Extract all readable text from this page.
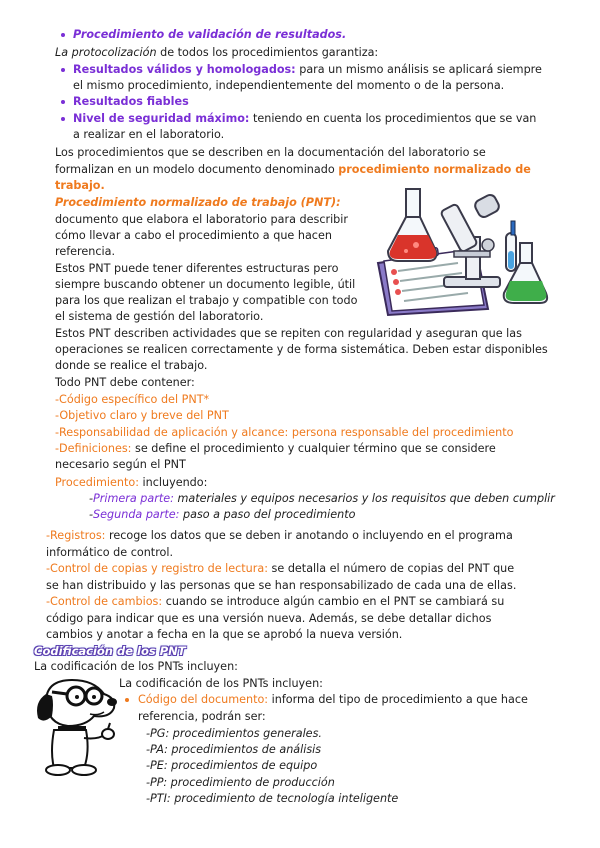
Procedimiento de validación de resultados.
La protocolización de todos los procedimientos garantiza:
Resultados válidos y homologados: para un mismo análisis se aplicará siempre
el mismo procedimiento, independientemente del momento o de la persona.
Resultados fiables
Nivel de seguridad máximo: teniendo en cuenta los procedimientos que se van
a realizar en el laboratorio.
Los procedimientos que se describen en la documentación del laboratorio se
formalizan en un modelo documento denominado procedimiento normalizado de
trabajo.
Procedimiento normalizado de trabajo (PNT):
documento que elabora el laboratorio para describir
cómo llevar a cabo el procedimiento a que hacen
referencia.
Estos PNT puede tener diferentes estructuras pero
siempre buscando obtener un documento legible, útil
para los que realizan el trabajo y compatible con todo
el sistema de gestión del laboratorio.
Estos PNT describen actividades que se repiten con regularidad y aseguran que las
operaciones se realicen correctamente y de forma sistemática. Deben estar disponibles
donde se realice el trabajo.
Todo PNT debe contener:
-Código específico del PNT*
-Objetivo claro y breve del PNT
-Responsabilidad de aplicación y alcance: persona responsable del procedimiento
-Definiciones: se define el procedimiento y cualquier término que se considere
necesario según el PNT
Procedimiento: incluyendo:
-Primera parte: materiales y equipos necesarios y los requisitos que deben cumplir
-Segunda parte: paso a paso del procedimiento
-Registros: recoge los datos que se deben ir anotando o incluyendo en el programa
informático de control.
-Control de copias y registro de lectura: se detalla el número de copias del PNT que
se han distribuido y las personas que se han responsabilizado de cada una de ellas.
-Control de cambios: cuando se introduce algún cambio en el PNT se cambiará su
código para indicar que es una versión nueva. Además, se debe detallar dichos
cambios y anotar a fecha en la que se aprobó la nueva versión.
Codificación de los PNT
La codificación de los PNTs incluyen:
La codificación de los PNTs incluyen:
Código del documento: informa del tipo de procedimiento a que hace
referencia, podrán ser:
-PG: procedimientos generales.
-PA: procedimientos de análisis
-PE: procedimientos de equipo
-PP: procedimiento de producción
-PTI: procedimiento de tecnología inteligente
